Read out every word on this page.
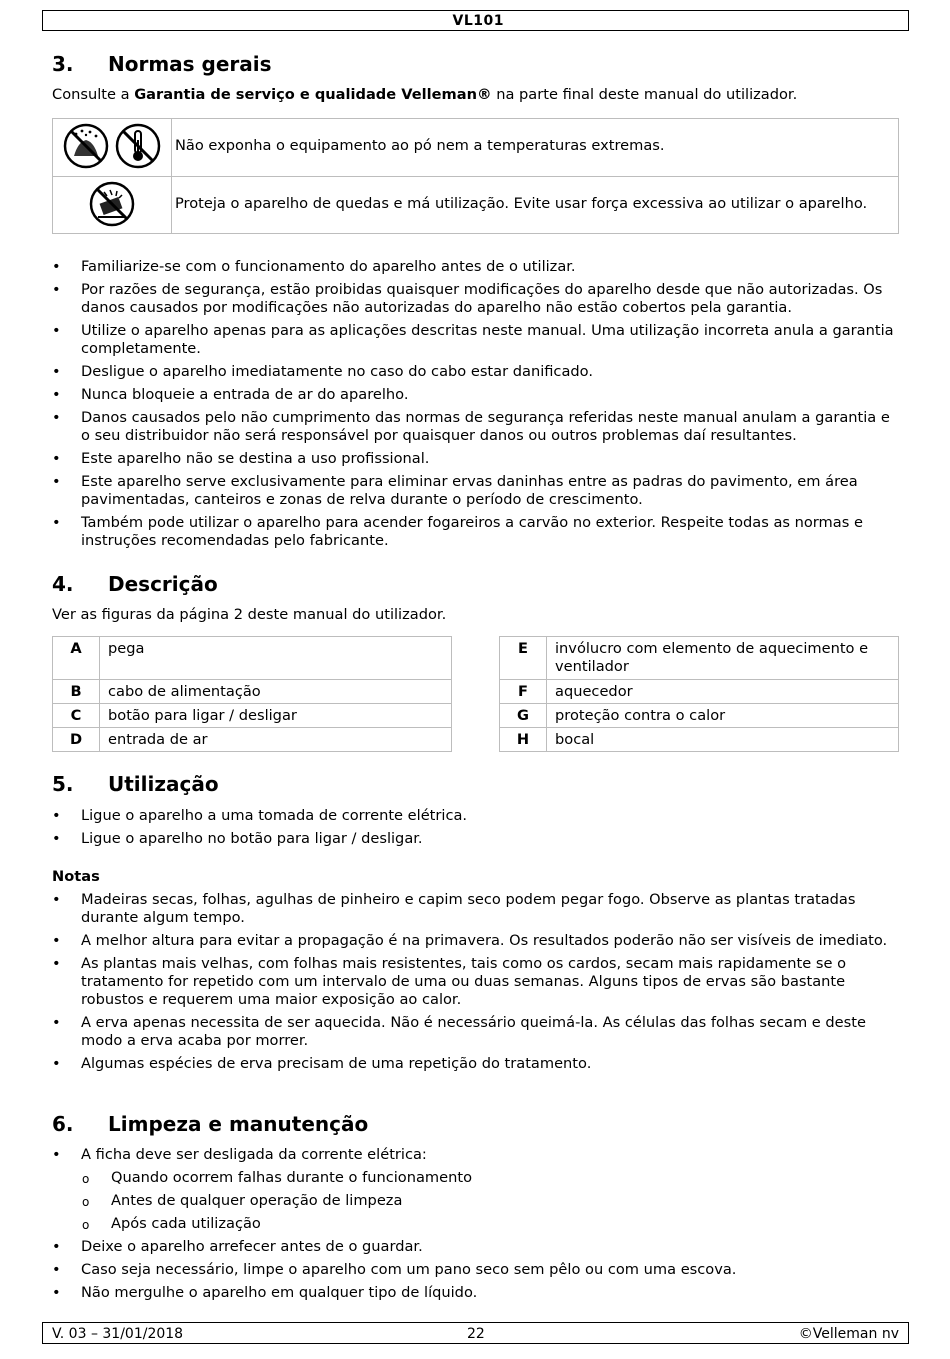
VL101
3.	Normas gerais

Consulte a Garantia de serviço e qualidade Velleman® na parte final deste manual do utilizador.

Não exponha o equipamento ao pó nem a temperaturas extremas.
Proteja o aparelho de quedas e má utilização. Evite usar força excessiva ao utilizar o aparelho.
• Familiarize-se com o funcionamento do aparelho antes de o utilizar.
• Por razões de segurança, estão proibidas quaisquer modificações do aparelho desde que não autorizadas. Os danos causados por modificações não autorizadas do aparelho não estão cobertos pela garantia.
• Utilize o aparelho apenas para as aplicações descritas neste manual. Uma utilização incorreta anula a garantia completamente.
• Desligue o aparelho imediatamente no caso do cabo estar danificado.
• Nunca bloqueie a entrada de ar do aparelho.
• Danos causados pelo não cumprimento das normas de segurança referidas neste manual anulam a garantia e o seu distribuidor não será responsável por quaisquer danos ou outros problemas daí resultantes.
• Este aparelho não se destina a uso profissional.
• Este aparelho serve exclusivamente para eliminar ervas daninhas entre as padras do pavimento, em área pavimentadas, canteiros e zonas de relva durante o período de crescimento.
• Também pode utilizar o aparelho para acender fogareiros a carvão no exterior. Respeite todas as normas e instruções recomendadas pelo fabricante.
4.	Descrição

Ver as figuras da página 2 deste manual do utilizador.

A	pega
B	cabo de alimentação
C	botão para ligar / desligar
D	entrada de ar
E	invólucro com elemento de aquecimento e ventilador
F	aquecedor
G	proteção contra o calor
H	bocal
5.	Utilização
• Ligue o aparelho a uma tomada de corrente elétrica.
• Ligue o aparelho no botão para ligar / desligar.
Notas
• Madeiras secas, folhas, agulhas de pinheiro e capim seco podem pegar fogo. Observe as plantas tratadas durante algum tempo.
• A melhor altura para evitar a propagação é na primavera. Os resultados poderão não ser visíveis de imediato.
• As plantas mais velhas, com folhas mais resistentes, tais como os cardos, secam mais rapidamente se o tratamento for repetido com um intervalo de uma ou duas semanas. Alguns tipos de ervas são bastante robustos e requerem uma maior exposição ao calor.
• A erva apenas necessita de ser aquecida. Não é necessário queimá-la. As células das folhas secam e deste modo a erva acaba por morrer.
• Algumas espécies de erva precisam de uma repetição do tratamento.
6.	Limpeza e manutenção
• A ficha deve ser desligada da corrente elétrica:
o Quando ocorrem falhas durante o funcionamento
o Antes de qualquer operação de limpeza
o Após cada utilização
• Deixe o aparelho arrefecer antes de o guardar.
• Caso seja necessário, limpe o aparelho com um pano seco sem pêlo ou com uma escova.
• Não mergulhe o aparelho em qualquer tipo de líquido.
V. 03 – 31/01/2018	22	©Velleman nv
